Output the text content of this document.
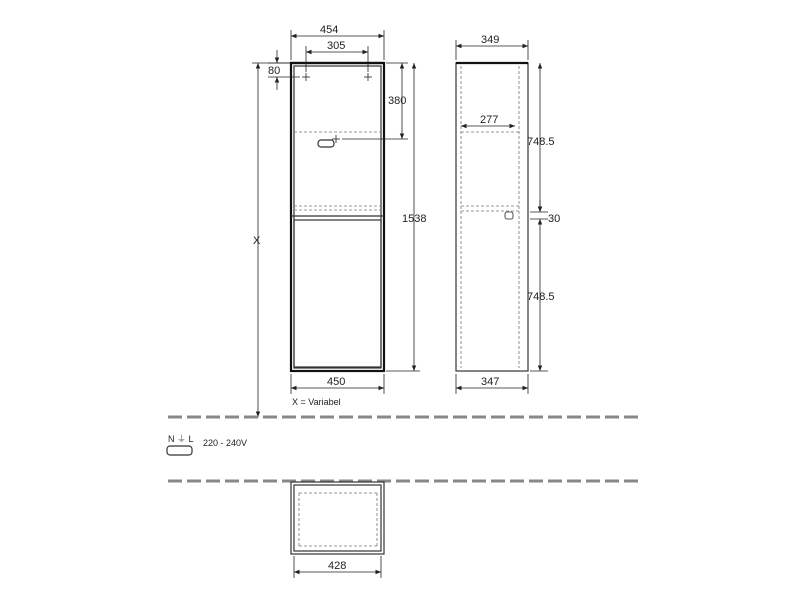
454
305
80
380
1538
450
X
X = Variabel
349
277
748.5
30
748.5
347
N ⏚ L 220 - 240V
428
